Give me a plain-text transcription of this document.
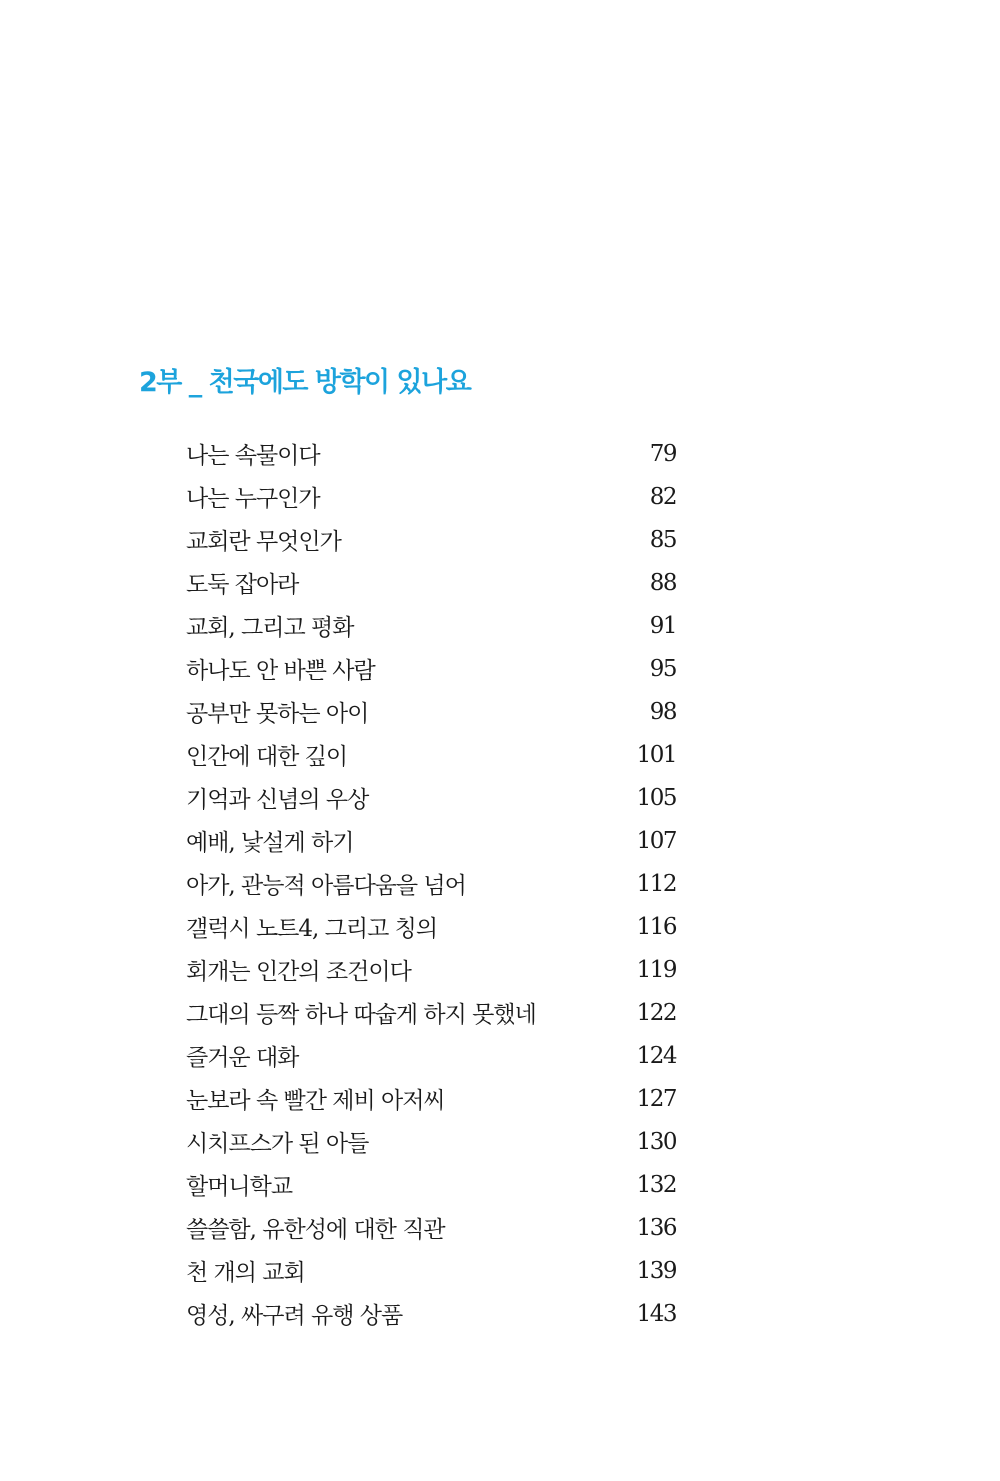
2부 _ 천국에도 방학이 있나요
나는 속물이다	79
나는 누구인가	82
교회란 무엇인가	85
도둑 잡아라	88
교회, 그리고 평화	91
하나도 안 바쁜 사람	95
공부만 못하는 아이	98
인간에 대한 깊이	101
기억과 신념의 우상	105
예배, 낯설게 하기	107
아가, 관능적 아름다움을 넘어	112
갤럭시 노트4, 그리고 칭의	116
회개는 인간의 조건이다	119
그대의 등짝 하나 따숩게 하지 못했네	122
즐거운 대화	124
눈보라 속 빨간 제비 아저씨	127
시치프스가 된 아들	130
할머니학교	132
쓸쓸함, 유한성에 대한 직관	136
천 개의 교회	139
영성, 싸구려 유행 상품	143
